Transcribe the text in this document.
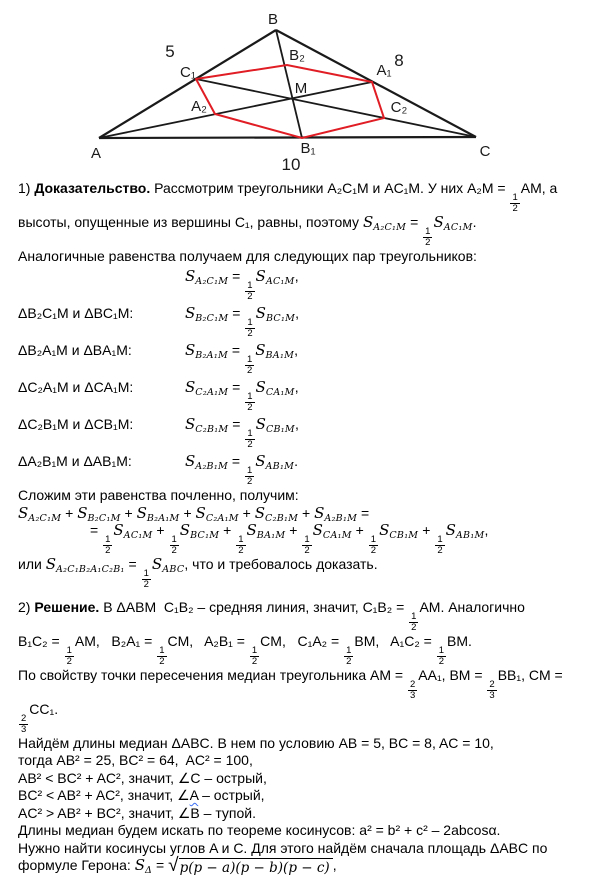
B
A	C
C₁
B₂
A₁
M
A₂	C₂
B₁
5	8
10
1) Доказательство. Рассмотрим треугольники A₂C₁M и AC₁M. У них A₂M =
$\frac{1}{2}$
AM, а
высоты, опущенные из вершины C₁, равны, поэтому $S_{A_2C_1M}$ =
$\frac{1}{2}$
$S_{AC_1M}$.
Аналогичные равенства получаем для следующих пар треугольников:
$S_{A_2C_1M}$ =
$\frac{1}{2}$
$S_{AC_1M}$,
ΔB₂C₁M и ΔBC₁M:	$S_{B_2C_1M}$ =
$\frac{1}{2}$
$S_{BC_1M}$,
ΔB₂A₁M и ΔBA₁M:	$S_{B_2A_1M}$ =
$\frac{1}{2}$
$S_{BA_1M}$,
ΔC₂A₁M и ΔCA₁M:	$S_{C_2A_1M}$ =
$\frac{1}{2}$
$S_{CA_1M}$,
ΔC₂B₁M и ΔCB₁M:	$S_{C_2B_1M}$ =
$\frac{1}{2}$
$S_{CB_1M}$,
ΔA₂B₁M и ΔAB₁M:	$S_{A_2B_1M}$ =
$\frac{1}{2}$
$S_{AB_1M}$.
Сложим эти равенства почленно, получим:
$S_{A_2C_1M} + S_{B_2C_1M} + S_{B_2A_1M} + S_{C_2A_1M} + S_{C_2B_1M} + S_{A_2B_1M}$ =
=
$\frac{1}{2}$
$S_{AC_1M}$ +
$\frac{1}{2}$
$S_{BC_1M}$ +
$\frac{1}{2}$
$S_{BA_1M}$ +
$\frac{1}{2}$
$S_{CA_1M}$ +
$\frac{1}{2}$
$S_{CB_1M}$ +
$\frac{1}{2}$
$S_{AB_1M}$,
или $S_{A_2C_1B_2A_1C_2B_1}$ =
$\frac{1}{2}$
$S_{ABC}$, что и требовалось доказать.
2) Решение. В ΔABM  C₁B₂ – средняя линия, значит, C₁B₂ =
$\frac{1}{2}$
AM. Аналогично
B₁C₂ =
$\frac{1}{2}$
AM,   B₂A₁ =
$\frac{1}{2}$
CM,   A₂B₁ =
$\frac{1}{2}$
CM,   C₁A₂ =
$\frac{1}{2}$
BM,   A₁C₂ =
$\frac{1}{2}$
BM.
По свойству точки пересечения медиан треугольника AM =
$\frac{2}{3}$
AA₁, BM =
$\frac{2}{3}$
BB₁, CM =
$\frac{2}{3}$
CC₁.
Найдём длины медиан ΔABC. В нем по условию AB = 5, BC = 8, AC = 10,
тогда AB² = 25, BC² = 64,  AC² = 100,
AB² < BC² + AC², значит, ∠C – острый,
BC² < AB² + AC², значит, ∠A – острый,
AC² > AB² + BC², значит, ∠B – тупой.
Длины медиан будем искать по теореме косинусов: a² = b² + c² – 2abcosα.
Нужно найти косинусы углов A и C. Для этого найдём сначала площадь ΔABC по
формуле Герона: $S_\Delta$ = √ p(p − a)(p − b)(p − c) ,
